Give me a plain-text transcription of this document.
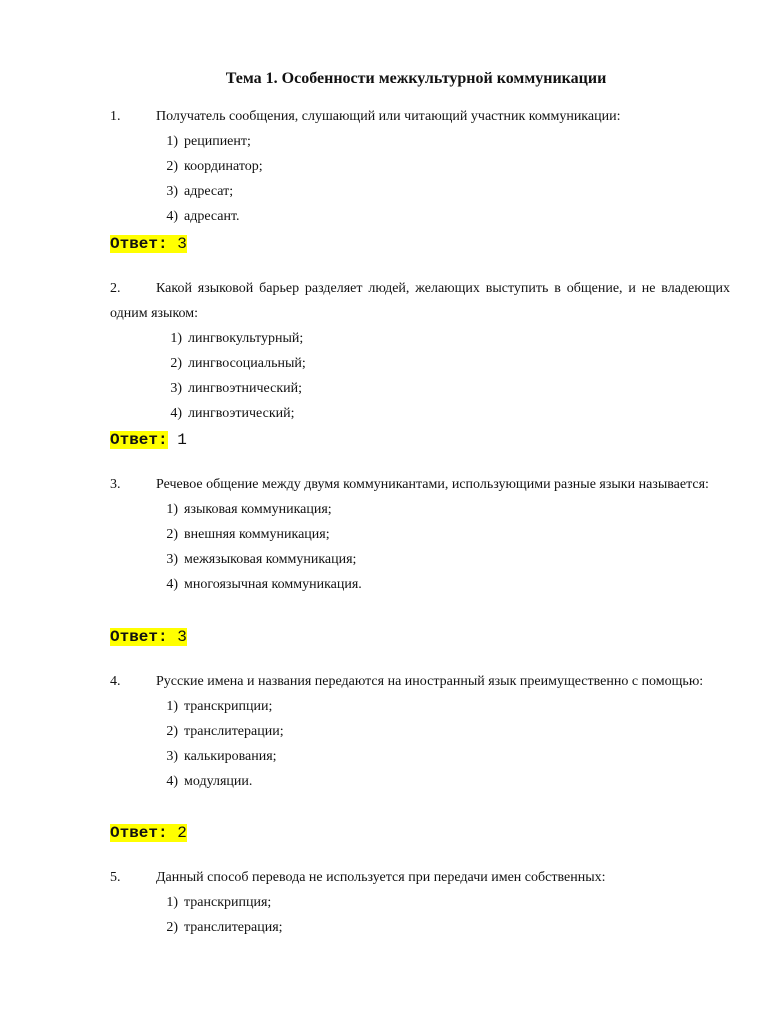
Тема 1. Особенности межкультурной коммуникации
1.	Получатель сообщения, слушающий или читающий участник коммуникации:
1) реципиент;
2) координатор;
3) адресат;
4) адресант.
Ответ: 3
2.	Какой языковой барьер разделяет людей, желающих выступить в общение, и не владеющих одним языком:
1) лингвокультурный;
2) лингвосоциальный;
3) лингвоэтнический;
4) лингвоэтический;
Ответ: 1
3.	Речевое общение между двумя коммуникантами, использующими разные языки называется:
1) языковая коммуникация;
2) внешняя коммуникация;
3) межязыковая коммуникация;
4) многоязычная коммуникация.
Ответ: 3
4.	Русские имена и названия передаются на иностранный язык преимущественно с помощью:
1) транскрипции;
2) транслитерации;
3) калькирования;
4) модуляции.
Ответ: 2
5.	Данный способ перевода не используется при передачи имен собственных:
1) транскрипция;
2) транслитерация;
